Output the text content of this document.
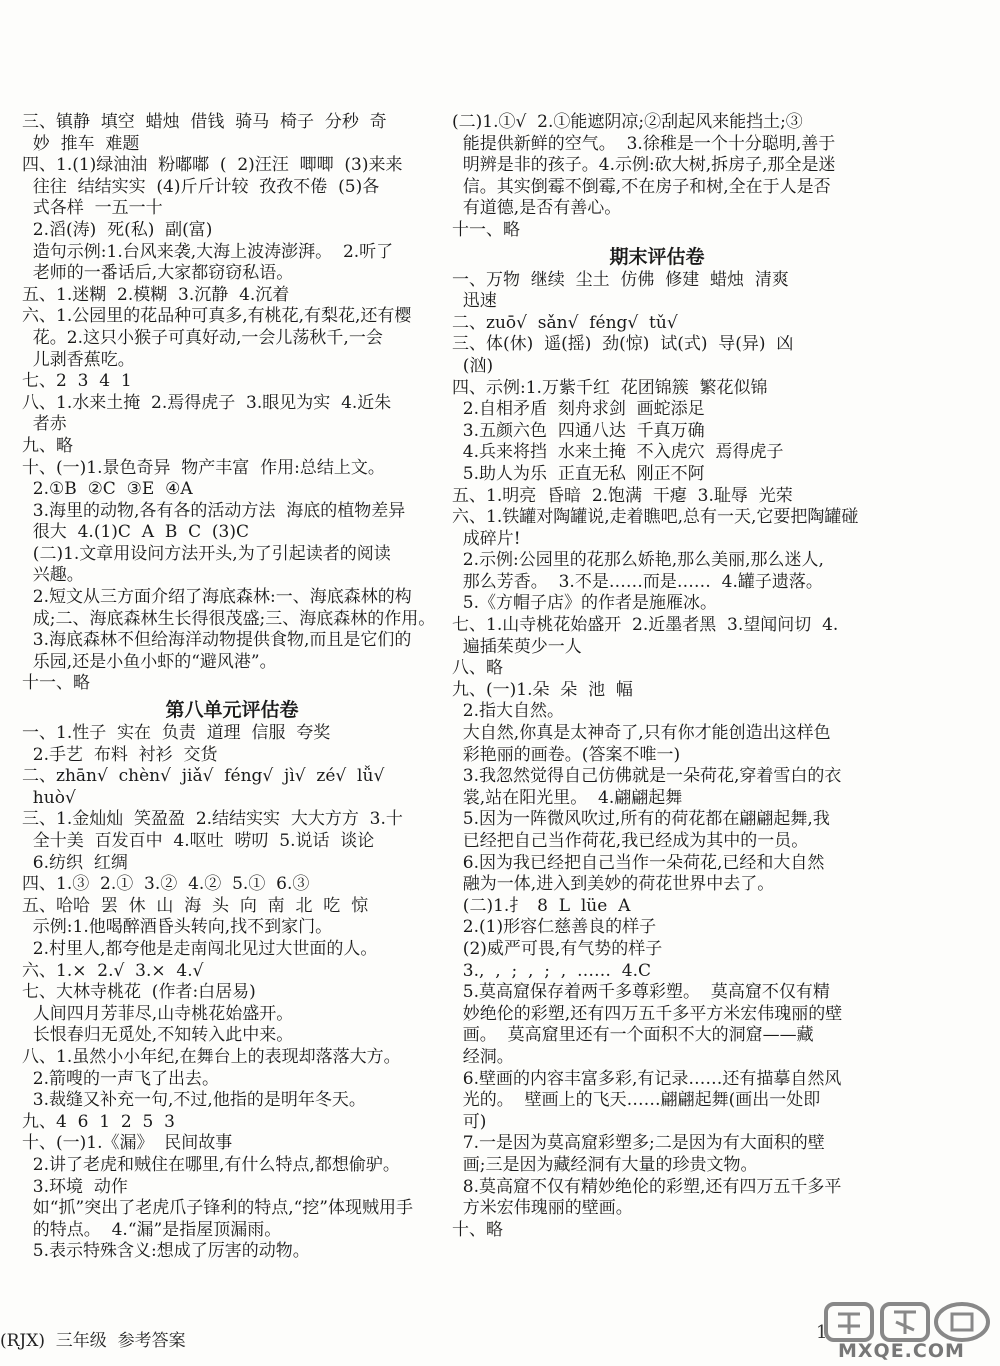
三、镇静  填空  蜡烛  借钱  骑马  椅子  分秒  奇
妙  推车  难题
四、1.(1)绿油油  粉嘟嘟  (  2)汪汪  唧唧  (3)来来
往往  结结实实  (4)斤斤计较  孜孜不倦  (5)各
式各样  一五一十
2.滔(涛)  死(私)  副(富)
造句示例:1.台风来袭,大海上波涛澎湃。  2.听了
老师的一番话后,大家都窃窃私语。
五、1.迷糊  2.模糊  3.沉静  4.沉着
六、1.公园里的花品种可真多,有桃花,有梨花,还有樱
花。2.这只小猴子可真好动,一会儿荡秋千,一会
儿剥香蕉吃。
七、2  3  4  1
八、1.水来土掩  2.焉得虎子  3.眼见为实  4.近朱
者赤
九、略
十、(一)1.景色奇异  物产丰富  作用:总结上文。
2.①B  ②C  ③E  ④A
3.海里的动物,各有各的活动方法  海底的植物差异
很大  4.(1)C  A  B  C  (3)C
(二)1.文章用设问方法开头,为了引起读者的阅读
兴趣。
2.短文从三方面介绍了海底森林:一、海底森林的构
成;二、海底森林生长得很茂盛;三、海底森林的作用。
3.海底森林不但给海洋动物提供食物,而且是它们的
乐园,还是小鱼小虾的“避风港”。
十一、略
第八单元评估卷
一、1.性子  实在  负责  道理  信服  夸奖
2.手艺  布料  衬衫  交货
二、zhān√  chèn√  jiǎ√  féng√  jì√  zé√  lǚ√
huò√
三、1.金灿灿  笑盈盈  2.结结实实  大大方方  3.十
全十美  百发百中  4.呕吐  唠叨  5.说话  谈论
6.纺织  红绸
四、1.③  2.①  3.②  4.②  5.①  6.③
五、哈哈  罢  休  山  海  头  向  南  北  吃  惊
示例:1.他喝醉酒昏头转向,找不到家门。
2.村里人,都夸他是走南闯北见过大世面的人。
六、1.×  2.√  3.×  4.√
七、大林寺桃花  (作者:白居易)
人间四月芳菲尽,山寺桃花始盛开。
长恨春归无觅处,不知转入此中来。
八、1.虽然小小年纪,在舞台上的表现却落落大方。
2.箭嗖的一声飞了出去。
3.裁缝又补充一句,不过,他指的是明年冬天。
九、4  6  1  2  5  3
十、(一)1.《漏》  民间故事
2.讲了老虎和贼住在哪里,有什么特点,都想偷驴。
3.环境  动作
如“抓”突出了老虎爪子锋利的特点,“挖”体现贼用手
的特点。  4.“漏”是指屋顶漏雨。
5.表示特殊含义:想成了厉害的动物。
(二)1.①√  2.①能遮阴凉;②刮起风来能挡土;③
能提供新鲜的空气。  3.徐稚是一个十分聪明,善于
明辨是非的孩子。4.示例:砍大树,拆房子,那全是迷
信。其实倒霉不倒霉,不在房子和树,全在于人是否
有道德,是否有善心。
十一、略
期末评估卷
一、万物  继续  尘土  仿佛  修建  蜡烛  清爽
迅速
二、zuō√  sǎn√  féng√  tǔ√
三、体(休)  遥(摇)  劲(惊)  试(式)  导(异)  凶
(汹)
四、示例:1.万紫千红  花团锦簇  繁花似锦
2.自相矛盾  刻舟求剑  画蛇添足
3.五颜六色  四通八达  千真万确
4.兵来将挡  水来土掩  不入虎穴  焉得虎子
5.助人为乐  正直无私  刚正不阿
五、1.明亮  昏暗  2.饱满  干瘪  3.耻辱  光荣
六、1.铁罐对陶罐说,走着瞧吧,总有一天,它要把陶罐碰
成碎片!
2.示例:公园里的花那么娇艳,那么美丽,那么迷人,
那么芳香。  3.不是……而是……  4.罐子遗落。
5.《方帽子店》的作者是施雁冰。
七、1.山寺桃花始盛开  2.近墨者黑  3.望闻问切  4.
遍插茱萸少一人
八、略
九、(一)1.朵  朵  池  幅
2.指大自然。
大自然,你真是太神奇了,只有你才能创造出这样色
彩艳丽的画卷。(答案不唯一)
3.我忽然觉得自己仿佛就是一朵荷花,穿着雪白的衣
裳,站在阳光里。  4.翩翩起舞
5.因为一阵微风吹过,所有的荷花都在翩翩起舞,我
已经把自己当作荷花,我已经成为其中的一员。
6.因为我已经把自己当作一朵荷花,已经和大自然
融为一体,进入到美妙的荷花世界中去了。
(二)1.扌  8  L  lüe  A
2.(1)形容仁慈善良的样子
(2)威严可畏,有气势的样子
3.,  ,  ;  ,  ;  ,  ……  4.C
5.莫高窟保存着两千多尊彩塑。  莫高窟不仅有精
妙绝伦的彩塑,还有四万五千多平方米宏伟瑰丽的壁
画。  莫高窟里还有一个面积不大的洞窟——藏
经洞。
6.壁画的内容丰富多彩,有记录……还有描摹自然风
光的。  壁画上的飞天……翩翩起舞(画出一处即
可)
7.一是因为莫高窟彩塑多;二是因为有大面积的壁
画;三是因为藏经洞有大量的珍贵文物。
8.莫高窟不仅有精妙绝伦的彩塑,还有四万五千多平
方米宏伟瑰丽的壁画。
十、略
(RJX)  三年级  参考答案	1
MXQE.COM
